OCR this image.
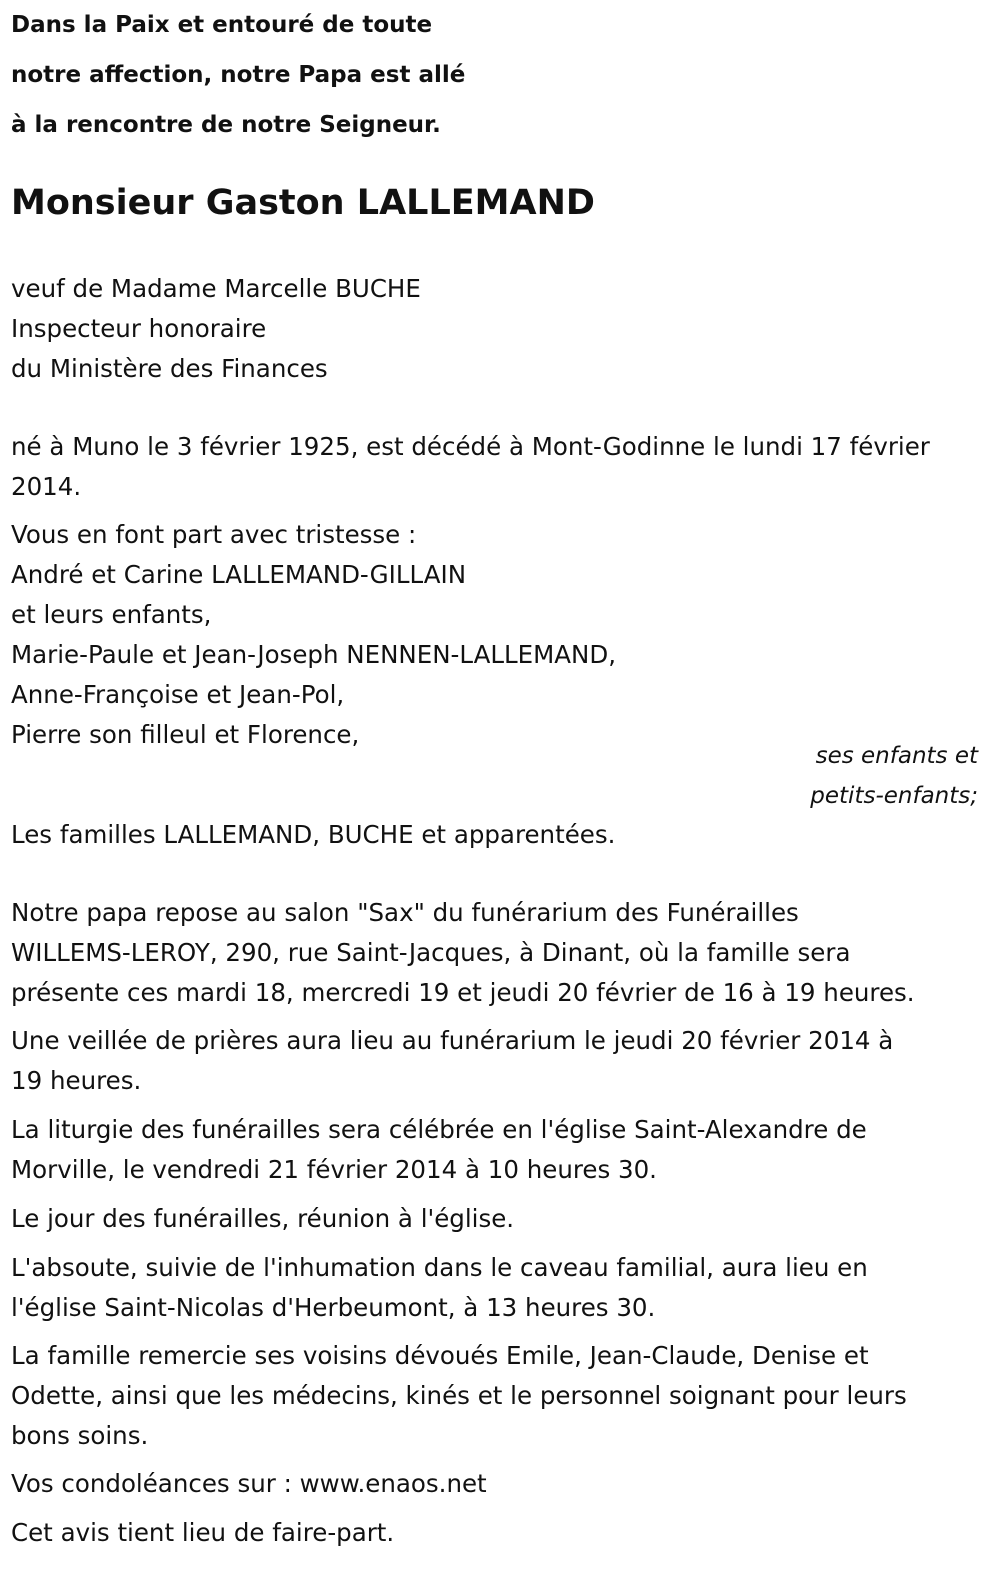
Dans la Paix et entouré de toute
notre affection, notre Papa est allé
à la rencontre de notre Seigneur.
Monsieur Gaston LALLEMAND
veuf de Madame Marcelle BUCHE
Inspecteur honoraire
du Ministère des Finances
né à Muno le 3 février 1925, est décédé à Mont-Godinne le lundi 17 février
2014.
Vous en font part avec tristesse :
André et Carine LALLEMAND-GILLAIN
et leurs enfants,
Marie-Paule et Jean-Joseph NENNEN-LALLEMAND,
Anne-Françoise et Jean-Pol,
Pierre son filleul et Florence,
ses enfants et
petits-enfants;
Les familles LALLEMAND, BUCHE et apparentées.
Notre papa repose au salon "Sax" du funérarium des Funérailles
WILLEMS-LEROY, 290, rue Saint-Jacques, à Dinant, où la famille sera
présente ces mardi 18, mercredi 19 et jeudi 20 février de 16 à 19 heures.
Une veillée de prières aura lieu au funérarium le jeudi 20 février 2014 à
19 heures.
La liturgie des funérailles sera célébrée en l'église Saint-Alexandre de
Morville, le vendredi 21 février 2014 à 10 heures 30.
Le jour des funérailles, réunion à l'église.
L'absoute, suivie de l'inhumation dans le caveau familial, aura lieu en
l'église Saint-Nicolas d'Herbeumont, à 13 heures 30.
La famille remercie ses voisins dévoués Emile, Jean-Claude, Denise et
Odette, ainsi que les médecins, kinés et le personnel soignant pour leurs
bons soins.
Vos condoléances sur : www.enaos.net
Cet avis tient lieu de faire-part.
